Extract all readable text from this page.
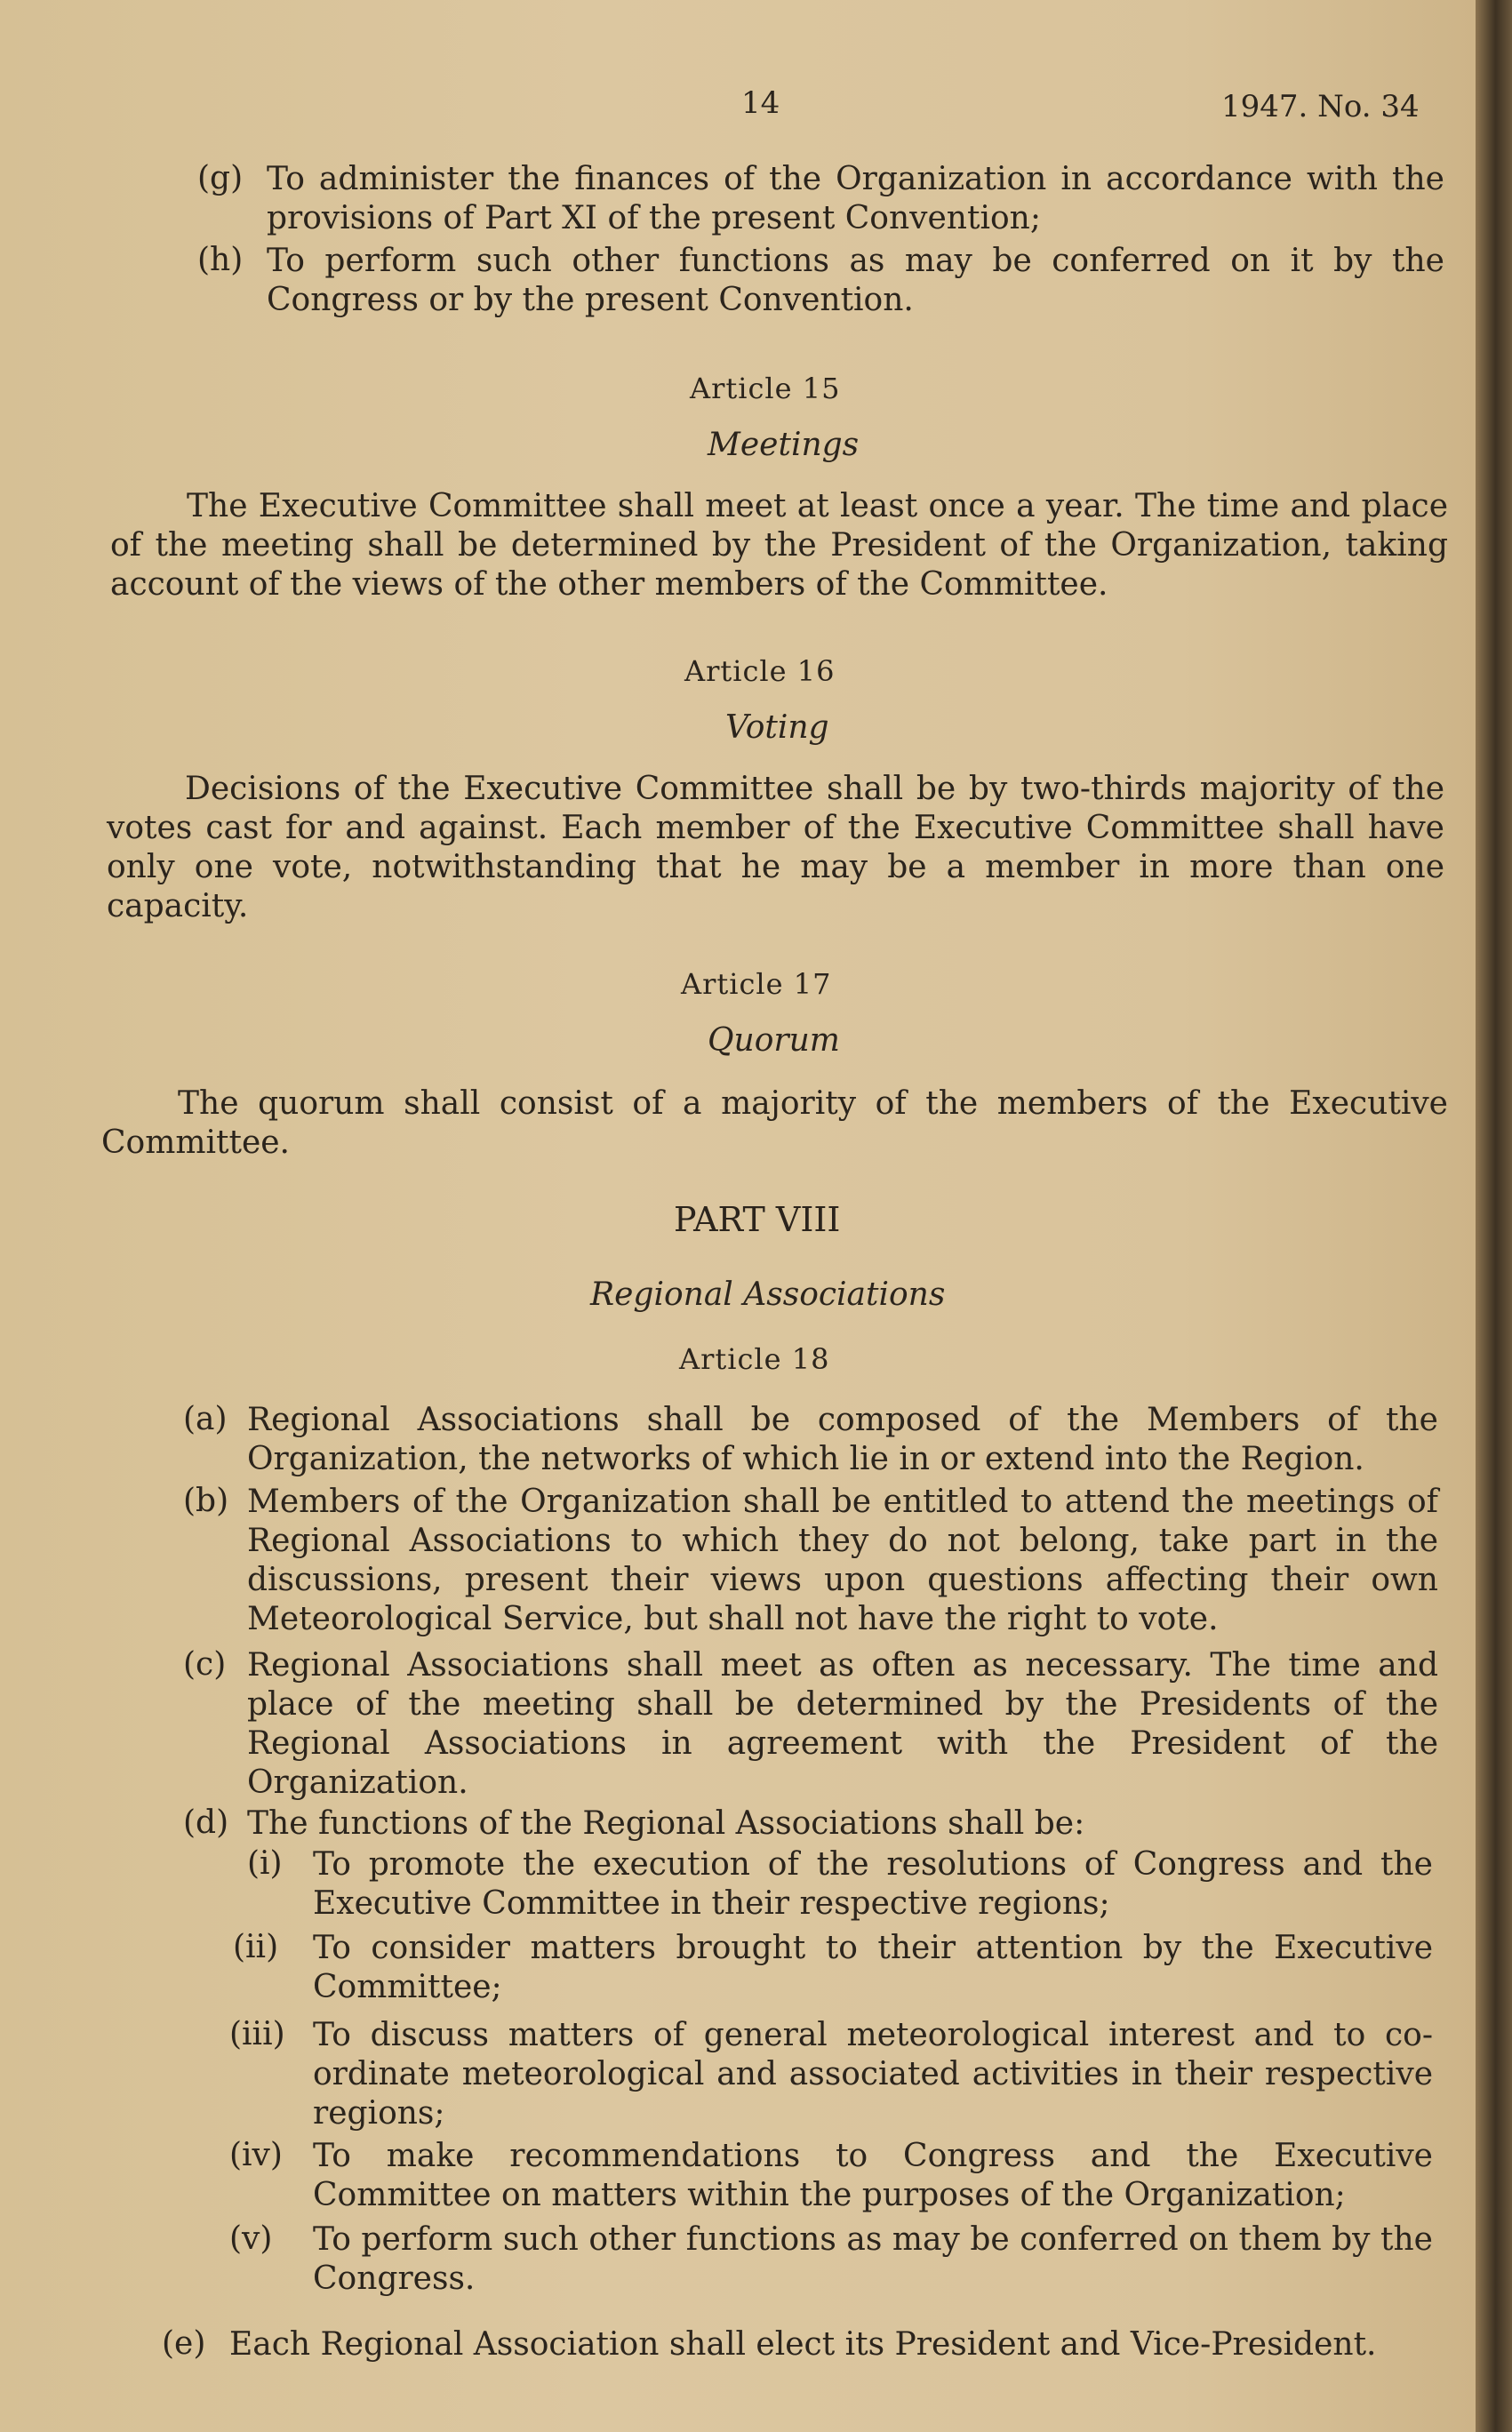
14	1947. No. 34
(g) To administer the finances of the Organization in accordance with the provisions of Part XI of the present Convention;
(h) To perform such other functions as may be conferred on it by the Congress or by the present Convention.
Article 15
Meetings
The Executive Committee shall meet at least once a year. The time and place of the meeting shall be determined by the President of the Organization, taking account of the views of the other members of the Committee.
Article 16
Voting
Decisions of the Executive Committee shall be by two-thirds majority of the votes cast for and against. Each member of the Executive Committee shall have only one vote, notwithstanding that he may be a member in more than one capacity.
Article 17
Quorum
The quorum shall consist of a majority of the members of the Executive Committee.
PART VIII
Regional Associations
Article 18
(a) Regional Associations shall be composed of the Members of the Organization, the networks of which lie in or extend into the Region.
(b) Members of the Organization shall be entitled to attend the meetings of Regional Associations to which they do not belong, take part in the discussions, present their views upon questions affecting their own Meteorological Service, but shall not have the right to vote.
(c) Regional Associations shall meet as often as necessary. The time and place of the meeting shall be determined by the Presidents of the Regional Associations in agreement with the President of the Organization.
(d) The functions of the Regional Associations shall be:
(i) To promote the execution of the resolutions of Congress and the Executive Committee in their respective regions;
(ii) To consider matters brought to their attention by the Executive Committee;
(iii) To discuss matters of general meteorological interest and to co-ordinate meteorological and associated activities in their respective regions;
(iv) To make recommendations to Congress and the Executive Committee on matters within the purposes of the Organization;
(v) To perform such other functions as may be conferred on them by the Congress.
(e) Each Regional Association shall elect its President and Vice-President.
